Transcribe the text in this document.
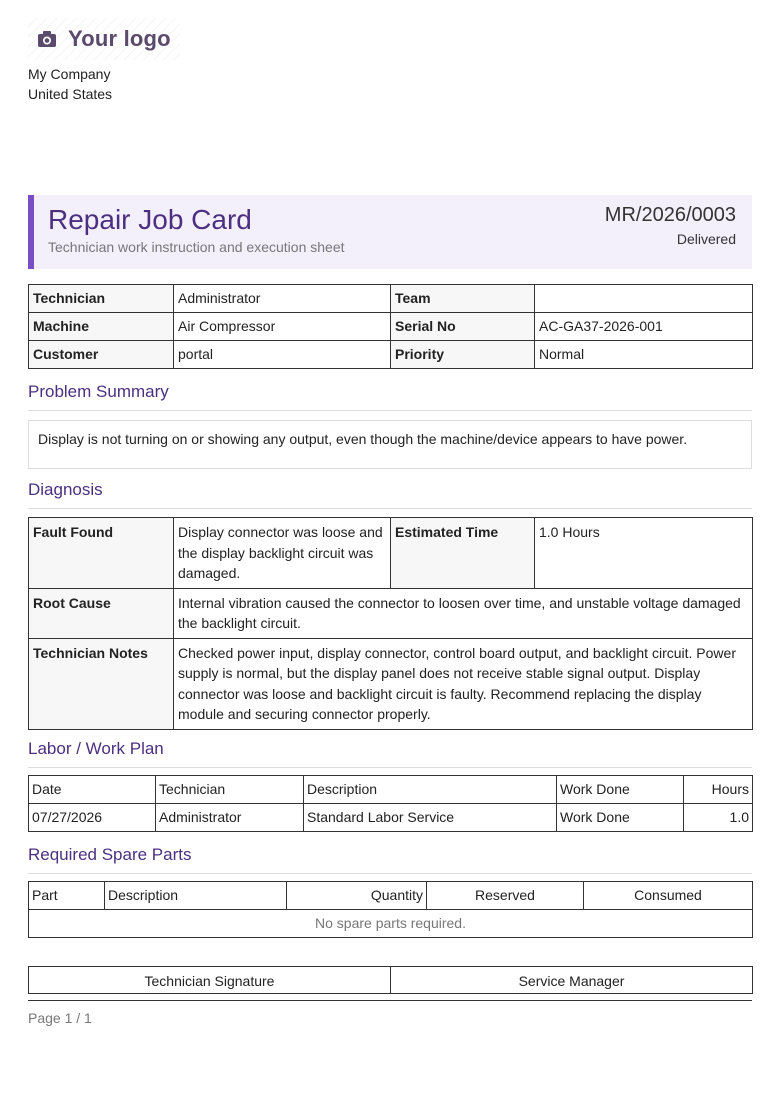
Your logo
My Company
United States
Repair Job Card
Technician work instruction and execution sheet
MR/2026/0003
Delivered
Technician	Administrator	Team	
Machine	Air Compressor	Serial No	AC-GA37-2026-001
Customer	portal	Priority	Normal
Problem Summary
Display is not turning on or showing any output, even though the machine/device appears to have power.
Diagnosis
Fault Found	Display connector was loose and the display backlight circuit was damaged.	Estimated Time	1.0 Hours
Root Cause	Internal vibration caused the connector to loosen over time, and unstable voltage damaged the backlight circuit.		
Technician Notes	Checked power input, display connector, control board output, and backlight circuit. Power supply is normal, but the display panel does not receive stable signal output. Display connector was loose and backlight circuit is faulty. Recommend replacing the display module and securing connector properly.		
Labor / Work Plan
Date	Technician	Description	Work Done	Hours
07/27/2026	Administrator	Standard Labor Service	Work Done	1.0
Required Spare Parts
Part	Description	Quantity	Reserved	Consumed
No spare parts required.
Technician Signature	Service Manager
Page 1 / 1
